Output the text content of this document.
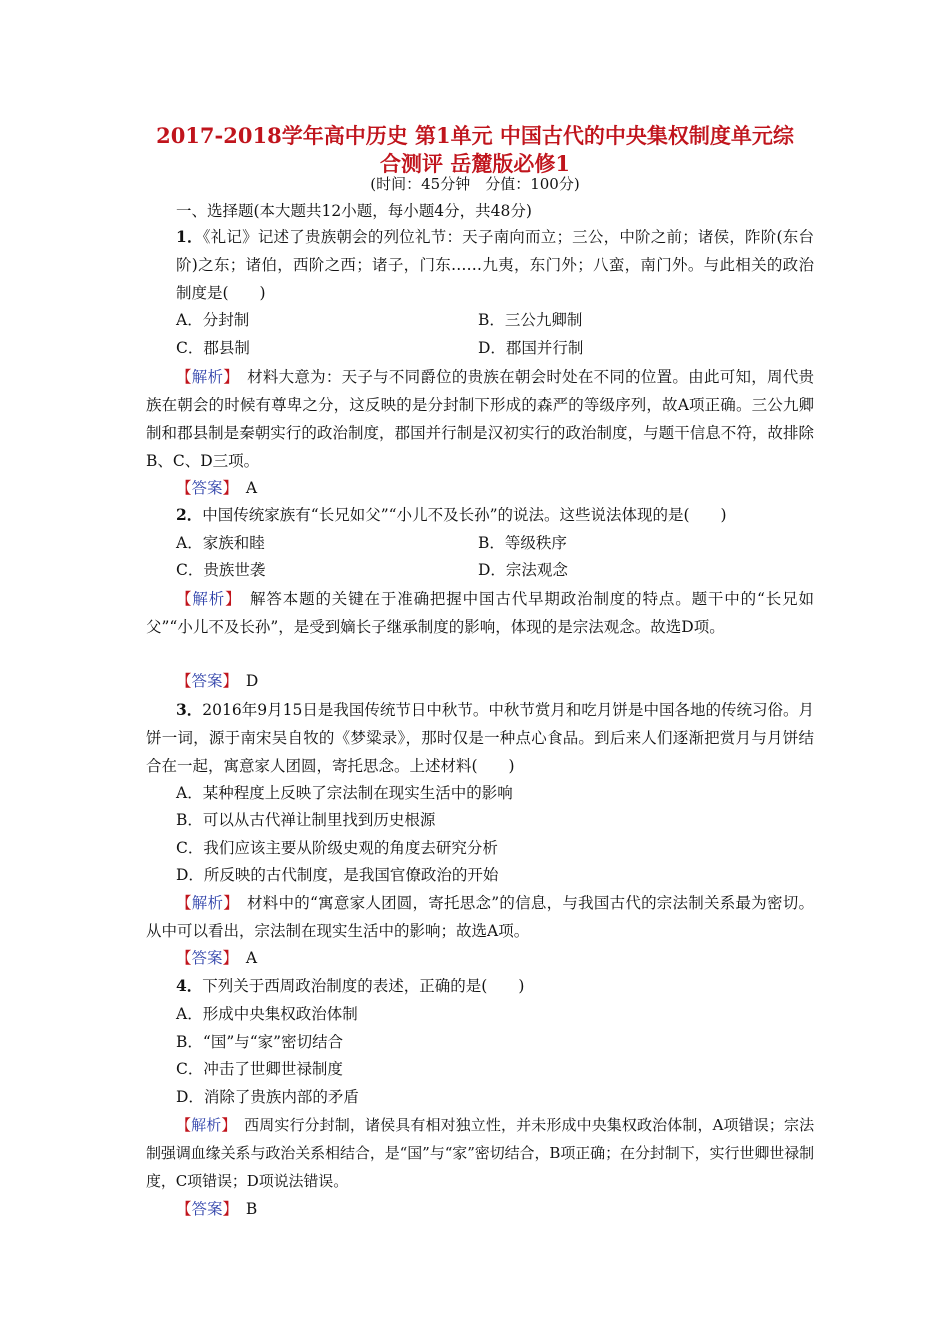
2017-2018学年高中历史 第1单元 中国古代的中央集权制度单元综
合测评 岳麓版必修1
(时间：45分钟　分值：100分)
一、选择题(本大题共12小题，每小题4分，共48分)
1．《礼记》记述了贵族朝会的列位礼节：天子南向而立；三公，中阶之前；诸侯，阼阶(东台阶)之东；诸伯，西阶之西；诸子，门东……九夷，东门外；八蛮，南门外。与此相关的政治制度是(　　)
A．分封制	B．三公九卿制
C．郡县制	D．郡国并行制
【解析】　 材料大意为：天子与不同爵位的贵族在朝会时处在不同的位置。由此可知，周代贵族在朝会的时候有尊卑之分，这反映的是分封制下形成的森严的等级序列，故A项正确。三公九卿制和郡县制是秦朝实行的政治制度，郡国并行制是汉初实行的政治制度，与题干信息不符，故排除B、C、D三项。
【答案】　 A
2．中国传统家族有“长兄如父”“小儿不及长孙”的说法。这些说法体现的是(　　)
A．家族和睦	B．等级秩序
C．贵族世袭	D．宗法观念
【解析】　 解答本题的关键在于准确把握中国古代早期政治制度的特点。题干中的“长兄如父”“小儿不及长孙”，是受到嫡长子继承制度的影响，体现的是宗法观念。故选D项。
【答案】　 D
3．2016年9月15日是我国传统节日中秋节。中秋节赏月和吃月饼是中国各地的传统习俗。月饼一词，源于南宋吴自牧的《梦粱录》，那时仅是一种点心食品。到后来人们逐渐把赏月与月饼结合在一起，寓意家人团圆，寄托思念。上述材料(　　)
A．某种程度上反映了宗法制在现实生活中的影响
B．可以从古代禅让制里找到历史根源
C．我们应该主要从阶级史观的角度去研究分析
D．所反映的古代制度，是我国官僚政治的开始
【解析】　 材料中的“寓意家人团圆，寄托思念”的信息，与我国古代的宗法制关系最为密切。从中可以看出，宗法制在现实生活中的影响；故选A项。
【答案】　 A
4．下列关于西周政治制度的表述，正确的是(　　)
A．形成中央集权政治体制
B．“国”与“家”密切结合
C．冲击了世卿世禄制度
D．消除了贵族内部的矛盾
【解析】　 西周实行分封制，诸侯具有相对独立性，并未形成中央集权政治体制，A项错误；宗法制强调血缘关系与政治关系相结合，是“国”与“家”密切结合，B项正确；在分封制下，实行世卿世禄制度，C项错误；D项说法错误。
【答案】　 B
